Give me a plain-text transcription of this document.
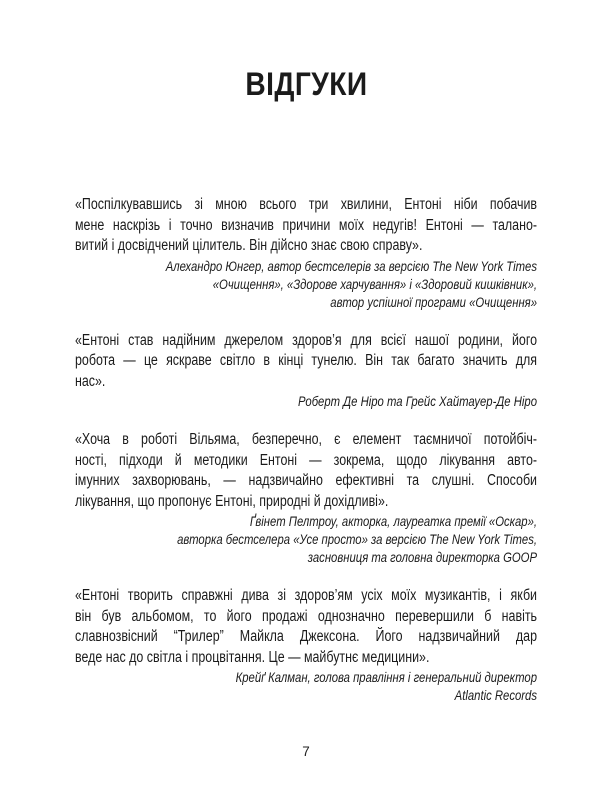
ВІДГУКИ
«Поспілкувавшись зі мною всього три хвилини, Ентоні ніби побачив
мене наскрізь і точно визначив причини моїх недугів! Ентоні — талано-
витий і досвідчений цілитель. Він дійсно знає свою справу».
Алехандро Юнгер, автор бестселерів за версією The New York Times
«Очищення», «Здорове харчування» і «Здоровий кишківник»,
автор успішної програми «Очищення»
«Ентоні став надійним джерелом здоров’я для всієї нашої родини, його
робота — це яскраве світло в кінці тунелю. Він так багато значить для
нас».
Роберт Де Ніро та Грейс Хайтауер-Де Ніро
«Хоча в роботі Вільяма, безперечно, є елемент таємничої потойбіч-
ності, підходи й методики Ентоні — зокрема, щодо лікування авто-
імунних захворювань, — надзвичайно ефективні та слушні. Способи
лікування, що пропонує Ентоні, природні й дохідливі».
Ґвінет Пелтроу, акторка, лауреатка премії «Оскар»,
авторка бестселера «Усе просто» за версією The New York Times,
засновниця та головна директорка GOOP
«Ентоні творить справжні дива зі здоров’ям усіх моїх музикантів, і якби
він був альбомом, то його продажі однозначно перевершили б навіть
славнозвісний “Трилер” Майкла Джексона. Його надзвичайний дар
веде нас до світла і процвітання. Це — майбутнє медицини».
Крейґ Калман, голова правління і генеральний директор
Atlantic Records
7
